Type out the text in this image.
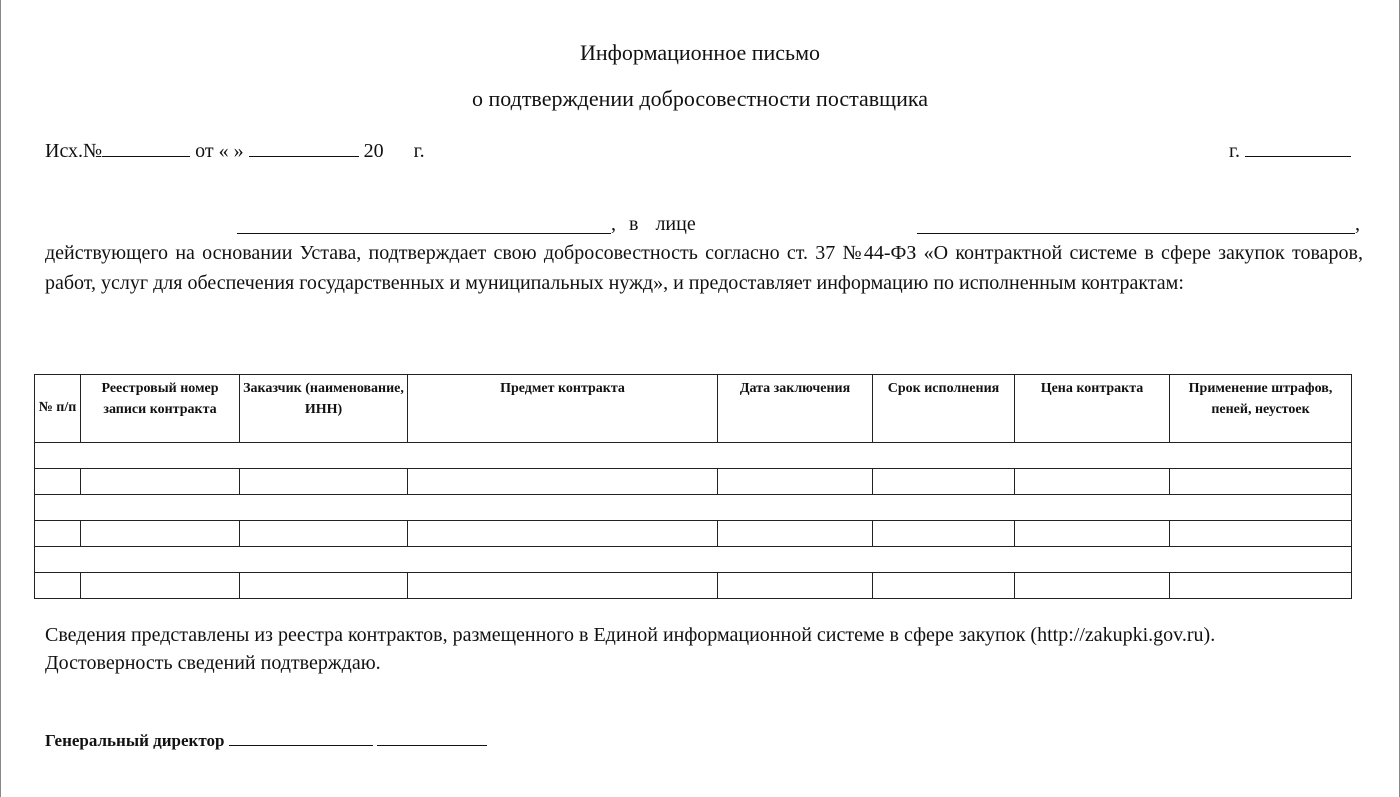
Информационное письмо
о подтверждении добросовестности поставщика
Исх.№	от « »	20 г.	г.
, в лице	,
действующего на основании Устава, подтверждает свою добросовестность согласно ст. 37 №44-ФЗ «О контрактной системе в сфере закупок товаров, работ, услуг для обеспечения государственных и муниципальных нужд», и предоставляет информацию по исполненным контрактам:
№ п/п	Реестровый номер записи контракта	Заказчик (наименование, ИНН)	Предмет контракта	Дата заключения	Срок исполнения	Цена контракта	Применение штрафов, пеней, неустоек

Сведения представлены из реестра контрактов, размещенного в Единой информационной системе в сфере закупок (http://zakupki.gov.ru).
Достоверность сведений подтверждаю.
Генеральный директор
